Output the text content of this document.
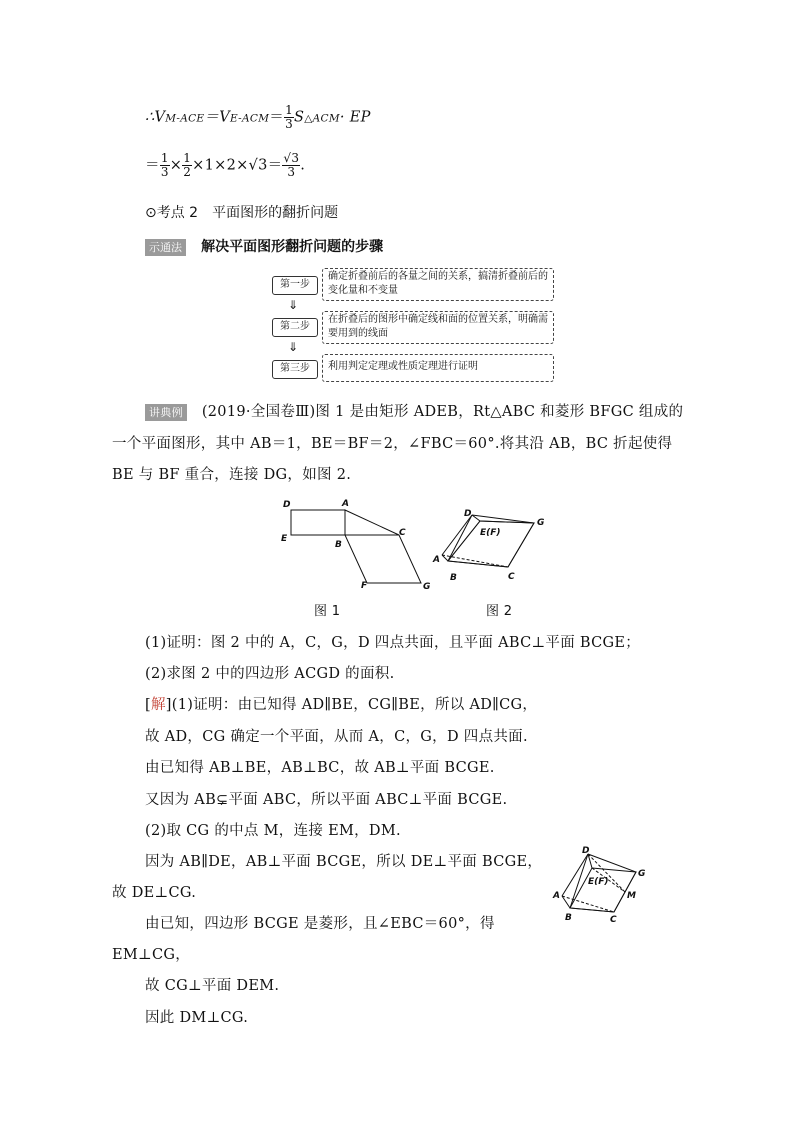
∴VM-ACE＝VE-ACM＝ $\frac{1}{3}$ S△ACM· EP
＝ $\frac{1}{3} \times \frac{1}{2} \times 1\times 2\times√3= \frac{√3}{3}$ .
⊙考点 2　平面图形的翻折问题
示通法 解决平面图形翻折问题的步骤
第一步
确定折叠前后的各量之间的关系，搞清折叠前后的变化量和不变量
⇓
第二步
在折叠后的图形中确定线和面的位置关系，明确需要用到的线面
⇓
第三步	利用判定定理或性质定理进行证明
讲典例 (2019·全国卷Ⅲ)图 1 是由矩形 ADEB，Rt△ABC 和菱形 BFGC 组成的
一个平面图形，其中 AB＝1，BE＝BF＝2，∠FBC＝60°.将其沿 AB，BC 折起使得
BE 与 BF 重合，连接 DG，如图 2.
D	A
E
B
C
F	G
图 1
D
G
E(F)
A
B	C
图 2
(1)证明：图 2 中的 A，C，G，D 四点共面，且平面 ABC⊥平面 BCGE；
(2)求图 2 中的四边形 ACGD 的面积.
[解](1)证明：由已知得 AD∥BE，CG∥BE，所以 AD∥CG，
故 AD，CG 确定一个平面，从而 A，C，G，D 四点共面.
由已知得 AB⊥BE，AB⊥BC，故 AB⊥平面 BCGE.
又因为 AB⊊平面 ABC，所以平面 ABC⊥平面 BCGE.
(2)取 CG 的中点 M，连接 EM，DM.
因为 AB∥DE，AB⊥平面 BCGE，所以 DE⊥平面 BCGE，
故 DE⊥CG.
由已知，四边形 BCGE 是菱形，且∠EBC＝60°，得
EM⊥CG，
故 CG⊥平面 DEM.
因此 DM⊥CG.
D
G
E(F)
M
A
B	C
